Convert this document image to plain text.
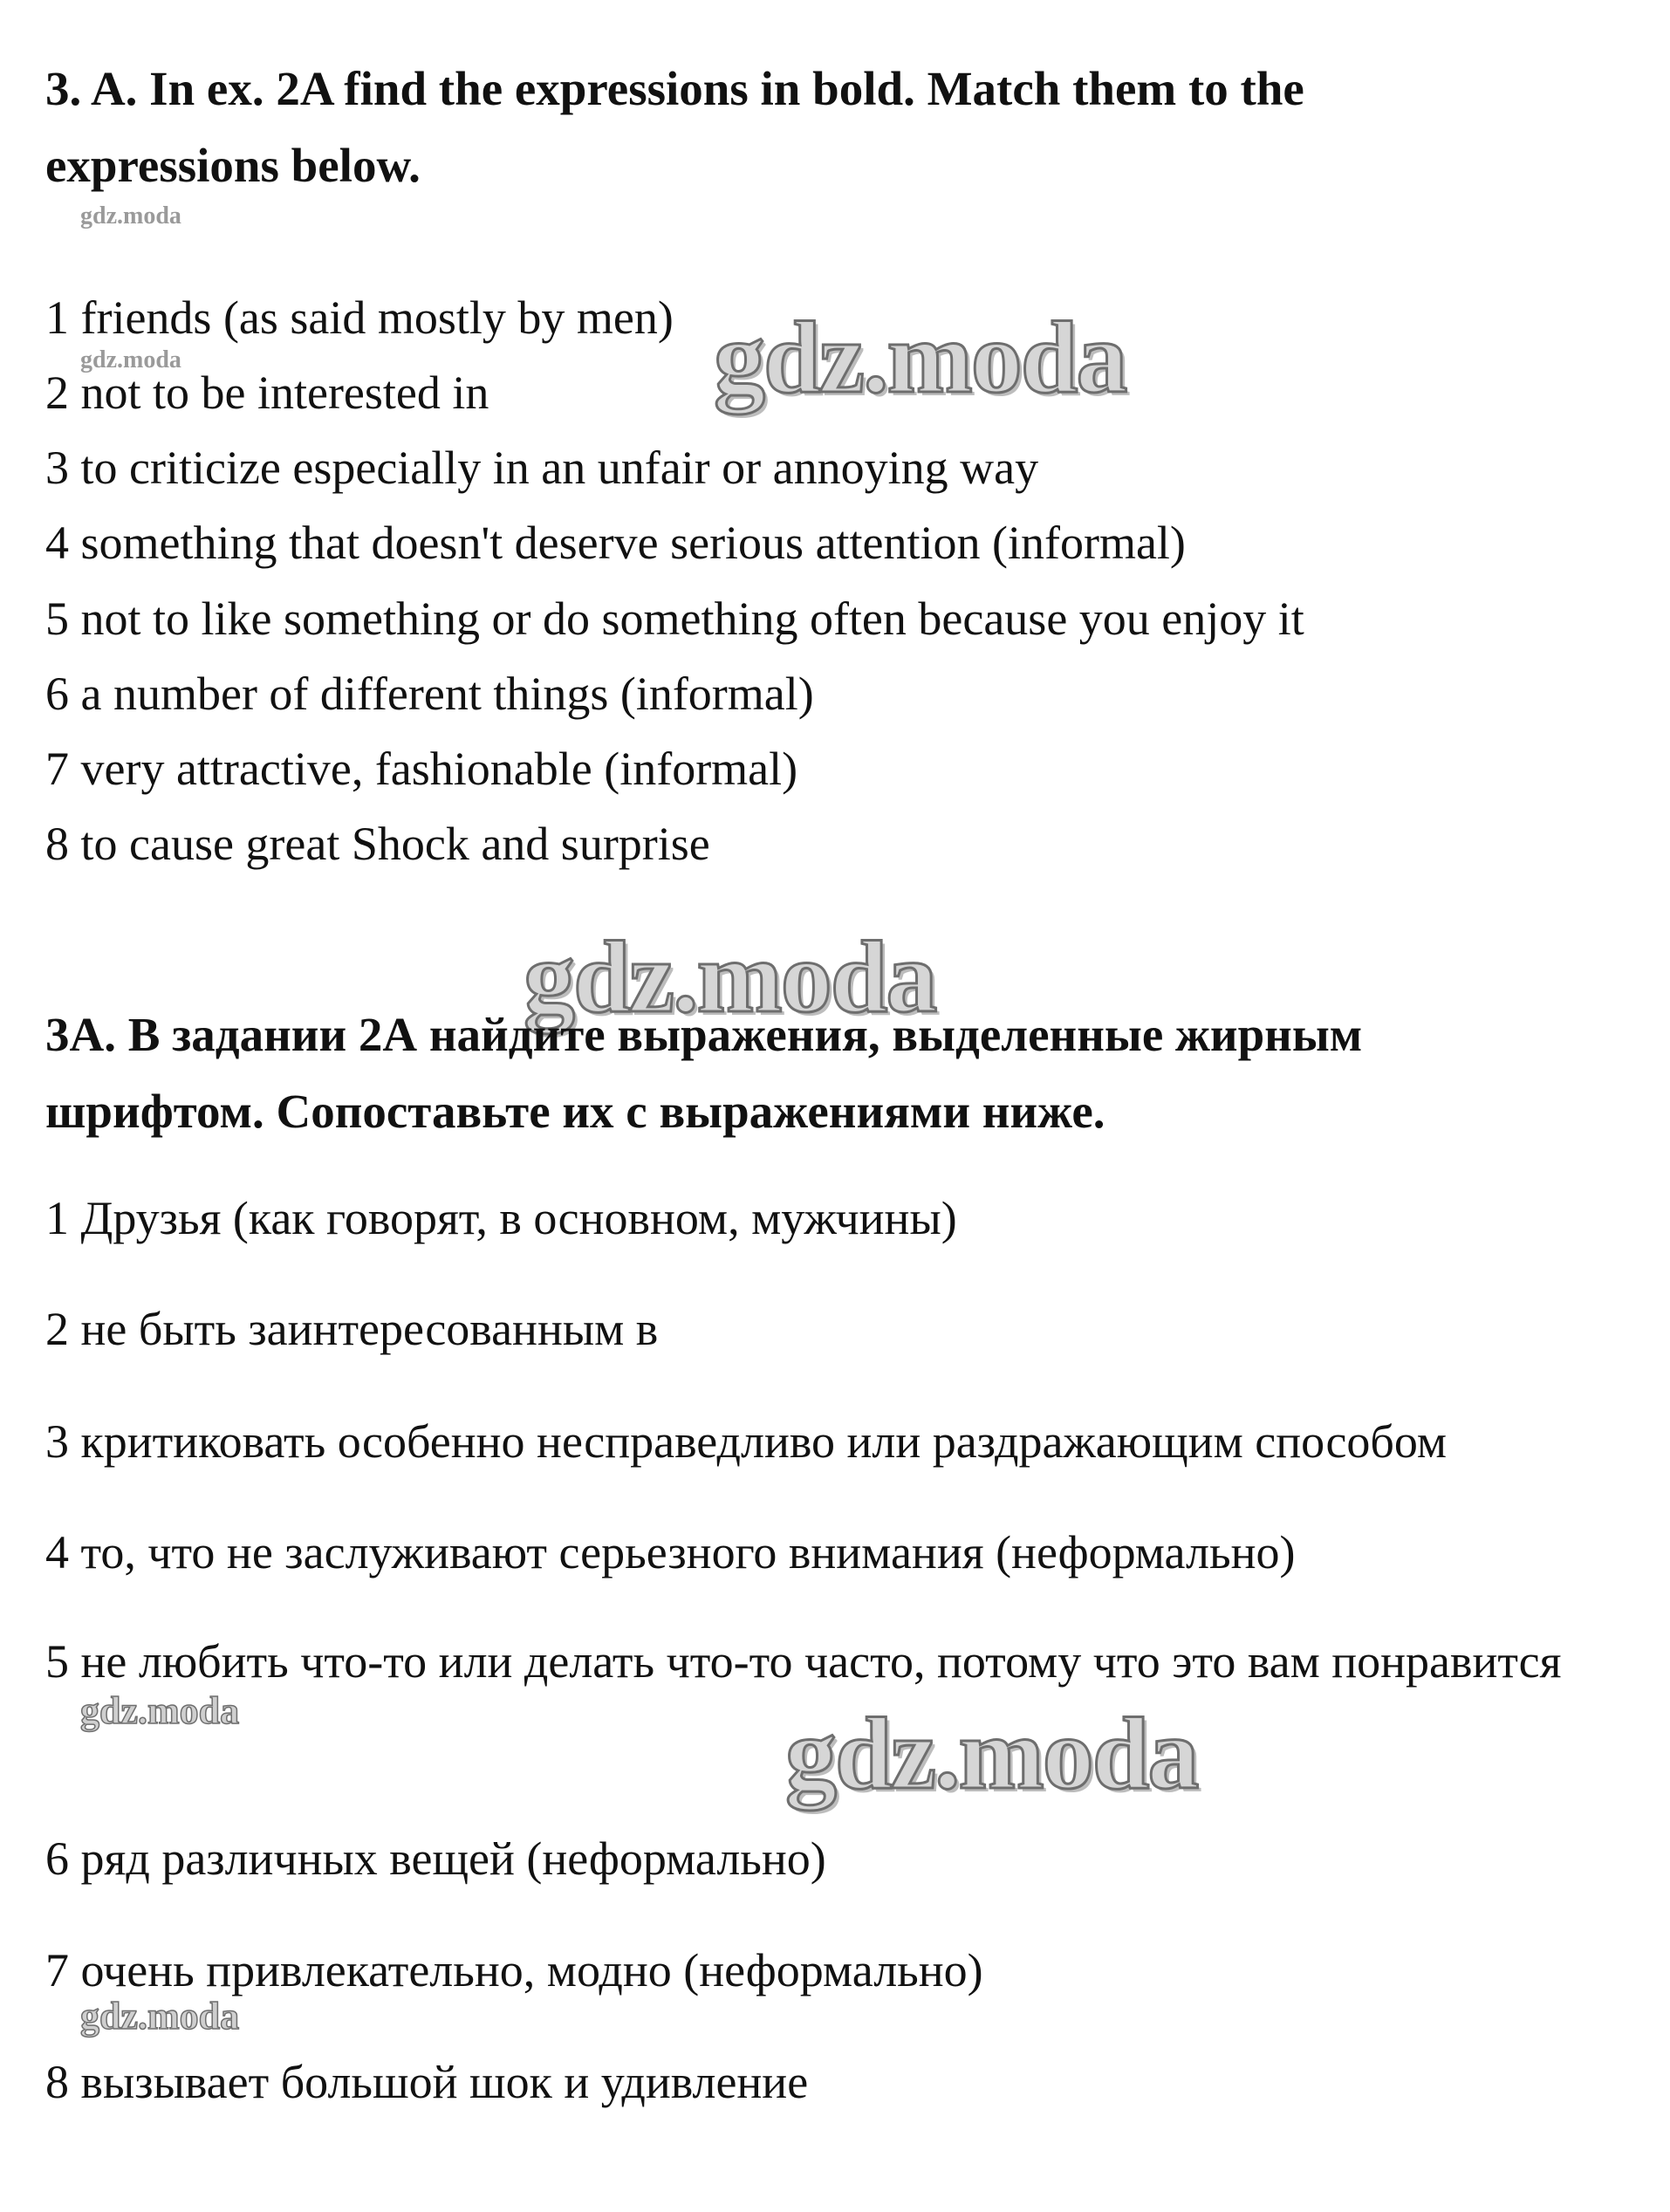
3. A. In ex. 2A find the expressions in bold. Match them to the
expressions below.
gdz.moda
1 friends (as said mostly by men)
2 not to be interested in
gdz.moda	gdz.moda
3 to criticize especially in an unfair or annoying way
4 something that doesn't deserve serious attention (informal)
5 not to like something or do something often because you enjoy it
6 a number of different things (informal)
7 very attractive, fashionable (informal)
8 to cause great Shock and surprise
gdz.moda
3A. В задании 2А найдите выражения, выделенные жирным
шрифтом. Сопоставьте их с выражениями ниже.
1 Друзья (как говорят, в основном, мужчины)
2 не быть заинтересованным в
3 критиковать особенно несправедливо или раздражающим способом
4 то, что не заслуживают серьезного внимания (неформально)
5 не любить что-то или делать что-то часто, потому что это вам понравится
gdz.moda	gdz.moda
6 ряд различных вещей (неформально)
7 очень привлекательно, модно (неформально)
gdz.moda
8 вызывает большой шок и удивление
